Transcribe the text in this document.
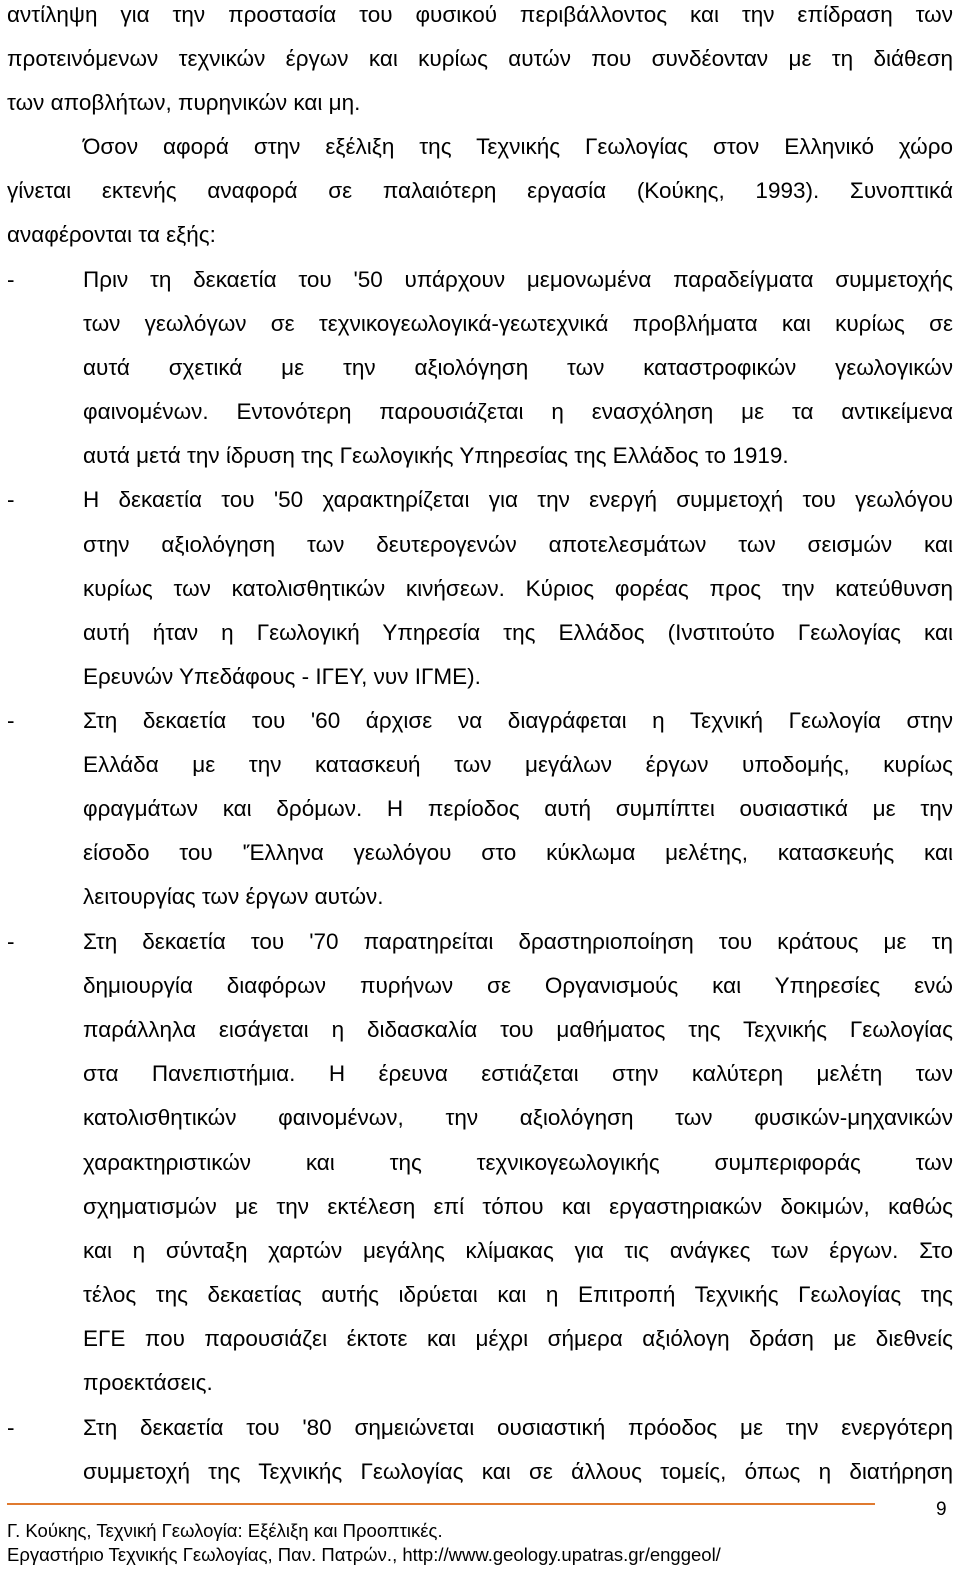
αντίληψη για την προστασία του φυσικού περιβάλλοντος και την επίδραση των
προτεινόμενων τεχνικών έργων και κυρίως αυτών που συνδέονταν με τη διάθεση
των αποβλήτων, πυρηνικών και μη.
Όσον αφορά στην εξέλιξη της Τεχνικής Γεωλογίας στον Ελληνικό χώρο
γίνεται εκτενής αναφορά σε παλαιότερη εργασία (Κούκης, 1993). Συνοπτικά
αναφέρονται τα εξής:
-	Πριν τη δεκαετία του '50 υπάρχουν μεμονωμένα παραδείγματα συμμετοχής
των γεωλόγων σε τεχνικογεωλογικά-γεωτεχνικά προβλήματα και κυρίως σε
αυτά σχετικά με την αξιολόγηση των καταστροφικών γεωλογικών
φαινομένων. Εντονότερη παρουσιάζεται η ενασχόληση με τα αντικείμενα
αυτά μετά την ίδρυση της Γεωλογικής Υπηρεσίας της Ελλάδος το 1919.
-	Η δεκαετία του '50 χαρακτηρίζεται για την ενεργή συμμετοχή του γεωλόγου
στην αξιολόγηση των δευτερογενών αποτελεσμάτων των σεισμών και
κυρίως των κατολισθητικών κινήσεων. Κύριος φορέας προς την κατεύθυνση
αυτή ήταν η Γεωλογική Υπηρεσία της Ελλάδος (Ινστιτούτο Γεωλογίας και
Ερευνών Υπεδάφους - ΙΓΕΥ, νυν ΙΓΜΕ).
-	Στη δεκαετία του '60 άρχισε να διαγράφεται η Τεχνική Γεωλογία στην
Ελλάδα με την κατασκευή των μεγάλων έργων υποδομής, κυρίως
φραγμάτων και δρόμων. Η περίοδος αυτή συμπίπτει ουσιαστικά με την
είσοδο του 'Έλληνα γεωλόγου στο κύκλωμα μελέτης, κατασκευής και
λειτουργίας των έργων αυτών.
-	Στη δεκαετία του '70 παρατηρείται δραστηριοποίηση του κράτους με τη
δημιουργία διαφόρων πυρήνων σε Οργανισμούς και Υπηρεσίες ενώ
παράλληλα εισάγεται η διδασκαλία του μαθήματος της Τεχνικής Γεωλογίας
στα Πανεπιστήμια. Η έρευνα εστιάζεται στην καλύτερη μελέτη των
κατολισθητικών φαινομένων, την αξιολόγηση των φυσικών-μηχανικών
χαρακτηριστικών και της τεχνικογεωλογικής συμπεριφοράς των
σχηματισμών με την εκτέλεση επί τόπου και εργαστηριακών δοκιμών, καθώς
και η σύνταξη χαρτών μεγάλης κλίμακας για τις ανάγκες των έργων. Στο
τέλος της δεκαετίας αυτής ιδρύεται και η Επιτροπή Τεχνικής Γεωλογίας της
ΕΓΕ που παρουσιάζει έκτοτε και μέχρι σήμερα αξιόλογη δράση με διεθνείς
προεκτάσεις.
-	Στη δεκαετία του '80 σημειώνεται ουσιαστική πρόοδος με την ενεργότερη
συμμετοχή της Τεχνικής Γεωλογίας και σε άλλους τομείς, όπως η διατήρηση
9
Γ. Κούκης, Τεχνική Γεωλογία: Εξέλιξη και Προοπτικές.
Εργαστήριο Τεχνικής Γεωλογίας, Παν. Πατρών., http://www.geology.upatras.gr/enggeol/
